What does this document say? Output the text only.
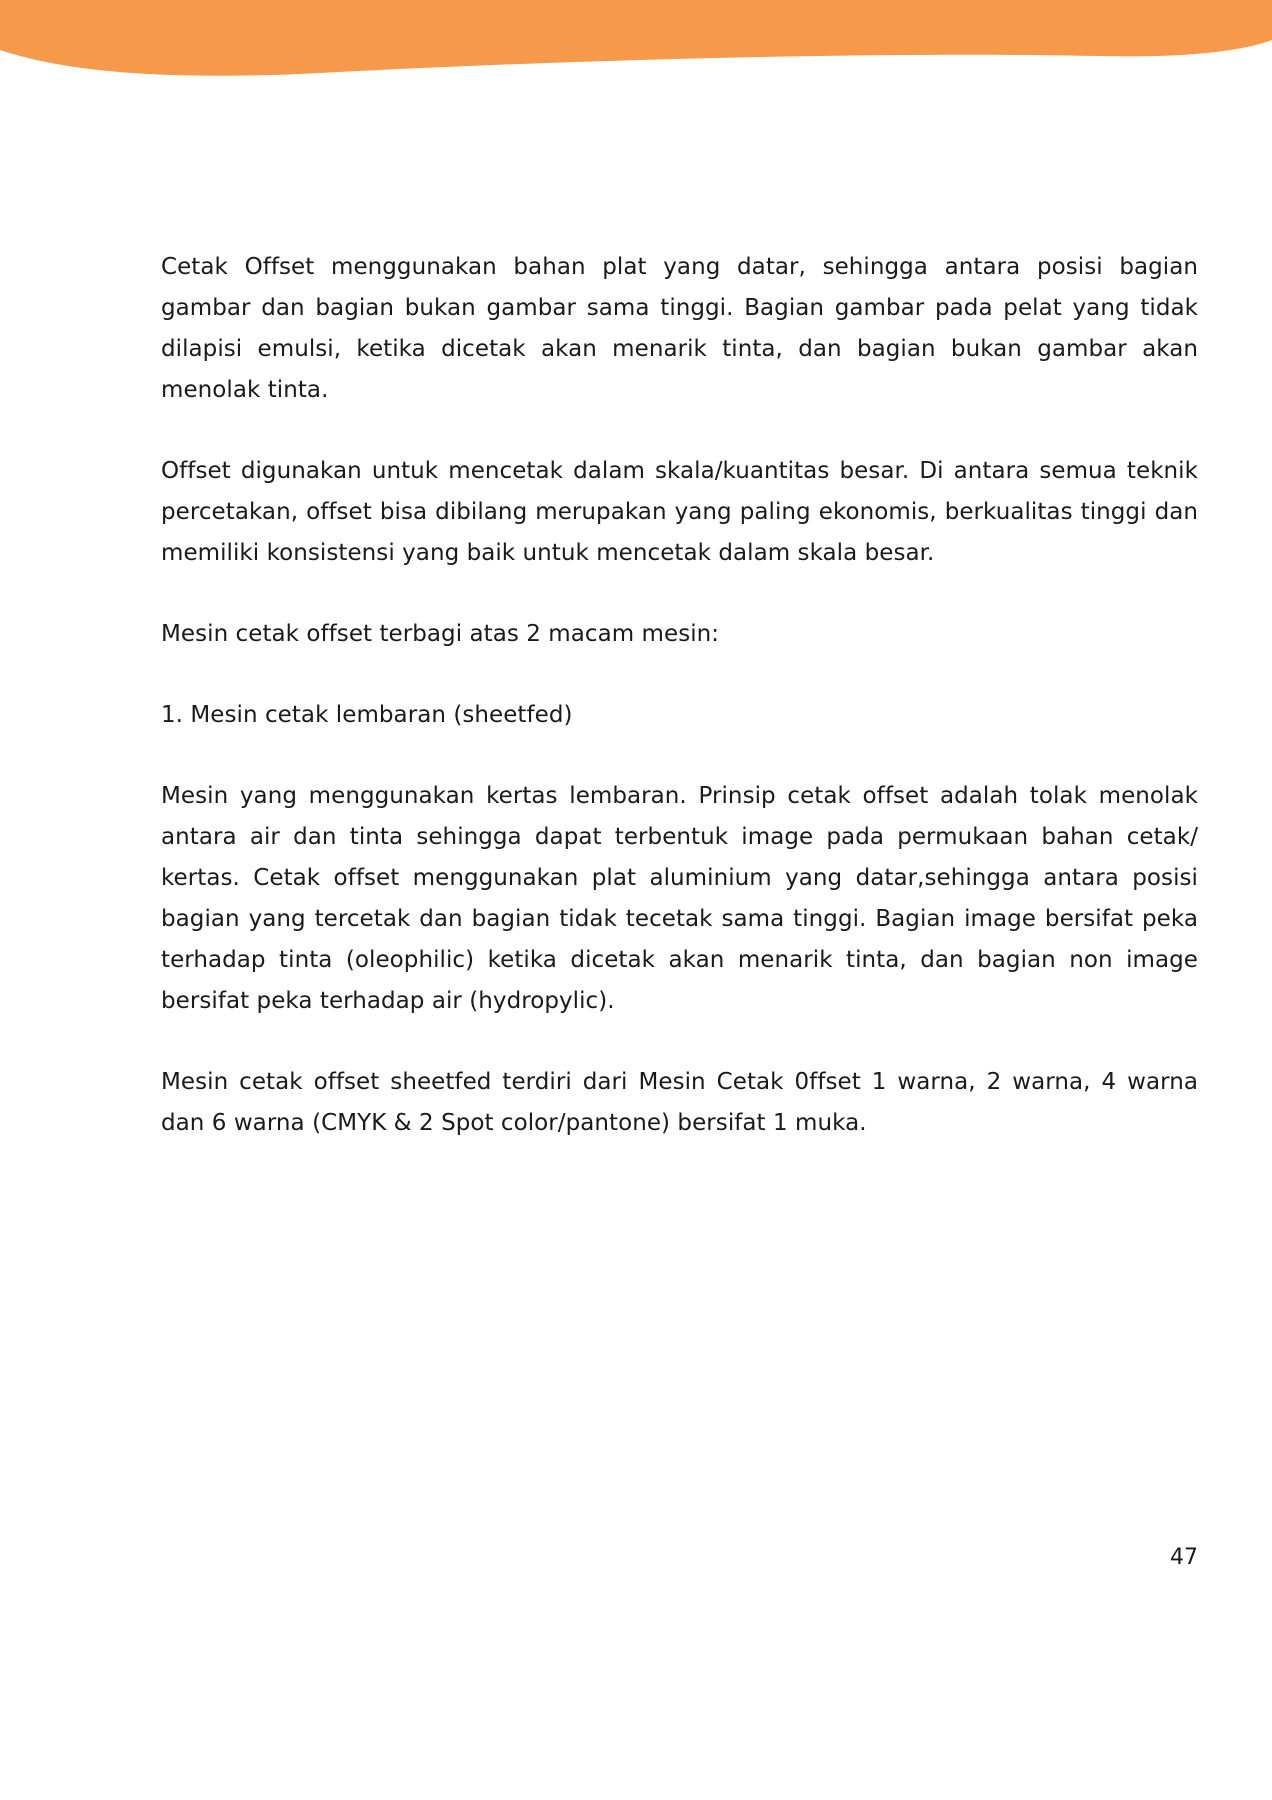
Cetak Offset menggunakan bahan plat yang datar, sehingga antara posisi bagian gambar dan bagian bukan gambar sama tinggi. Bagian gambar pada pelat yang tidak dilapisi emulsi, ketika dicetak akan menarik tinta, dan bagian bukan gambar akan menolak tinta.

Offset digunakan untuk mencetak dalam skala/kuantitas besar. Di antara semua teknik percetakan, offset bisa dibilang merupakan yang paling ekonomis, berkualitas tinggi dan memiliki konsistensi yang baik untuk mencetak dalam skala besar.

Mesin cetak offset terbagi atas 2 macam mesin:

1. Mesin cetak lembaran (sheetfed)

Mesin yang menggunakan kertas lembaran. Prinsip cetak offset adalah tolak menolak antara air dan tinta sehingga dapat terbentuk image pada permukaan bahan cetak/ kertas. Cetak offset menggunakan plat aluminium yang datar,sehingga antara posisi bagian yang tercetak dan bagian tidak tecetak sama tinggi. Bagian image bersifat peka terhadap tinta (oleophilic) ketika dicetak akan menarik tinta, dan bagian non image bersifat peka terhadap air (hydropylic).

Mesin cetak offset sheetfed terdiri dari Mesin Cetak 0ffset 1 warna, 2 warna, 4 warna dan 6 warna (CMYK & 2 Spot color/pantone) bersifat 1 muka.

47
